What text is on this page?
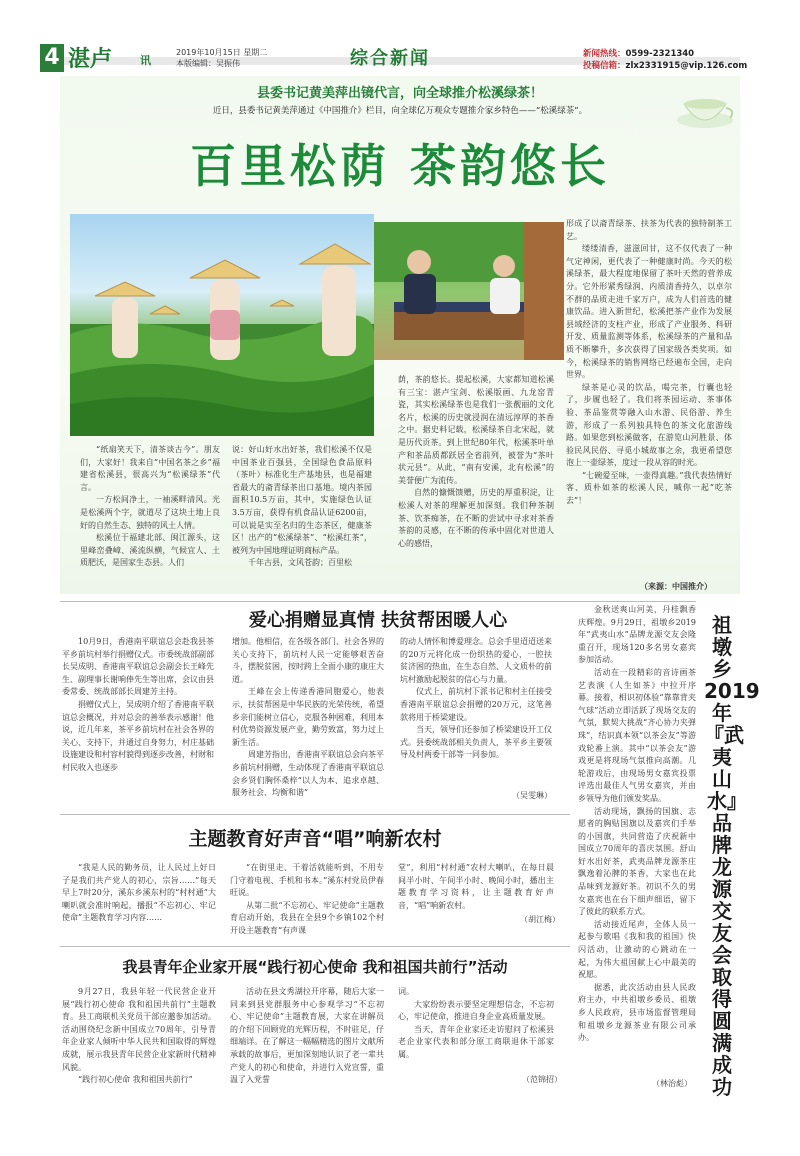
4 湛卢	讯
2019年10月15日 星期二
本版编辑：吴振伟	综合新闻	新闻热线：0599-2321340
投稿信箱：zlx2331915@vip.126.com
县委书记黄美萍出镜代言，向全球推介松溪绿茶！
近日，县委书记黄美萍通过《中国推介》栏目，向全球亿万观众专题推介家乡特色——“松溪绿茶”。
百里松荫 茶韵悠长

“纸扇笑天下，清茶谈古今”。朋友们，大家好！我来自“中国名茶之乡”福建省松溪县，很高兴为“松溪绿茶”代言。

一方松间净土，一袖溪畔清风。光是松溪两个字，就道尽了这块土地上良好的自然生态、独特的风土人情。

松溪位于福建北部、闽江源头，这里峰峦叠嶂、溪流纵横，气候宜人、土质肥沃，是国家生态县。人们

说：好山好水出好茶，我们松溪不仅是中国茶业百强县，全国绿色食品原料（茶叶）标准化生产基地县，也是福建省最大的斋青绿茶出口基地。境内茶园面积10.5万亩，其中，实施绿色认证3.5万亩，获得有机食品认证6200亩，可以说是实至名归的生态茶区，健康茶区！出产的“松溪绿茶”、“松溪红茶”，被列为中国地理证明商标产品。

千年古县，文风苍韵；百里松

荫，茶韵悠长。提起松溪，大家都知道松溪有三宝：湛卢宝剑、松溪版画、九龙窑青瓷，其实松溪绿茶也是我们一张靓丽的文化名片，松溪的历史就浸润在清远淳厚的茶香之中。据史料记载，松溪绿茶自北宋起，就是历代贡茶。到上世纪80年代，松溪茶叶单产和茶品质都跃居全省前列，被誉为“茶叶状元县”。从此，“南有安溪，北有松溪”的美誉便广为流传。

自然的慷慨馈赠，历史的厚重积淀，让松溪人对茶的理解更加深刻。我们种茶制茶、饮茶痴茶，在不断的尝试中寻求对茶香茶韵的灵感，在不断的传承中固化对世道人心的感悟，

形成了以斋青绿茶、扶茶为代表的独特制茶工艺。

缕缕清香，滋滋回甘，这不仅代表了一种气定神闲，更代表了一种健康时尚。今天的松溪绿茶，最大程度地保留了茶叶天然的营养成分。它外形紧秀绿润、内质清香持久，以卓尔不群的品质走进千家万户，成为人们首选的健康饮品。进入新世纪，松溪把茶产业作为发展县域经济的支柱产业，形成了产业服务、科研开发、质量监测等体系，松溪绿茶的产量和品质不断攀升，多次获得了国家级各类奖项。如今，松溪绿茶的销售网络已经遍布全国，走向世界。

绿茶是心灵的饮品，喝完茶，行囊也轻了，步履也轻了。我们将茶园运动、茶事体验、茶品鉴赏等融入山水游、民俗游、养生游，形成了一系列独具特色的茶文化旅游线路。如果您到松溪做客，在游览山河胜景、体验民风民俗、寻觅小城故事之余，我更希望您泡上一壶绿茶，度过一段从容的时光。

“七碗爱至味，一壶得真趣。”我代表热情好客、质朴如茶的松溪人民，喊你一起“吃茶去”！

（来源：中国推介）
爱心捐赠显真情 扶贫帮困暖人心

10月9日，香港南平联谊总会赴我县茶平乡前坑村举行捐赠仪式。市委统战部副部长吴成明、香港南平联谊总会副会长王峰先生、副理事长谢响俸先生等出席，会议由县委常委、统战部部长周建芳主持。

捐赠仪式上，吴成明介绍了香港南平联谊总会概况，并对总会的善举表示感谢！他说，近几年来，茶平乡前坑村在社会各界的关心、支持下，并通过自身努力，村庄基础设施建设和村容村貌得到逐步改善，村财和村民收入也逐步

增加。他相信，在各级各部门、社会各界的关心支持下，前坑村人民一定能够艰苦奋斗，摆脱贫困，按时跨上全面小康的康庄大道。

王峰在会上传递香港同胞爱心，他表示，扶贫帮困是中华民族的光荣传统，希望乡亲们能树立信心，克服各种困难，利用本村优势资源发展产业，勤劳致富，努力过上新生活。

周建芳指出，香港南平联谊总会向茶平乡前坑村捐赠，生动体现了香港南平联谊总会乡贤们胸怀桑梓“以人为本、追求卓越、服务社会、均衡和谐”

的动人情怀和博爱理念。总会手里迢迢送来的20万元将化成一份织热的爱心，一腔扶贫济困的热血，在生态自然、人文质朴的前坑村激励起脱贫的信心与力量。

仪式上，前坑村下派书记和村主任接受香港南平联谊总会捐赠的20万元，这笔善款将用于桥梁建设。

当天，领导们还参加了桥梁建设开工仪式。县委统战部相关负责人，茶平乡主要领导及村两委干部等一同参加。

（吴雯琳）
主题教育好声音“唱”响新农村

“我是人民的勤务员，让人民过上好日子是我们共产党人的初心，宗旨……”每天早上7时20分，溪东乡溪东村的“村村通”大喇叭就会准时响起，播报“不忘初心、牢记使命”主题教育学习内容……

“在街里走、干着活就能听到，不用专门守着电视、手机和书本。”溪东村党员伊春旺说。

从第二批“不忘初心、牢记使命”主题教育启动开始，我县在全县9个乡镇102个村开设主题教育“有声课

堂”，利用“村村通”农村大喇叭，在每日晨间半小时、午间半小时、晚间小时，播出主题教育学习资料，让主题教育好声音，“唱”响新农村。

（胡江梅）
我县青年企业家开展“践行初心使命 我和祖国共前行”活动

9月27日，我县年轻一代民营企业开展“践行初心使命 我和祖国共前行”主题教育。县工商联机关党员干部应邀参加活动。活动围绕纪念新中国成立70周年，引导青年企业家人倾听中华人民共和国取得的辉煌成就，展示我县青年民营企业家新时代精神风貌。

“践行初心使命 我和祖国共前行”

活动在县文秀湖拉开序幕，随后大家一同来到县党群服务中心参观学习“不忘初心、牢记使命”主题教育展，大家在讲解员的介绍下回顾党的光辉历程，不时驻足，仔细端详。在了解这一幅幅精选的图片文献所承载的故事后，更加深刻地认识了老一辈共产党人的初心和使命，并进行入党宣誓，重温了入党誓

词。

大家纷纷表示要坚定理想信念，不忘初心，牢记使命，推进自身企业高质量发展。

当天，青年企业家还走访慰问了松溪县老企业家代表和部分原工商联退休干部家属。

（范锦招）

金秋送爽山河美，丹桂飘香庆辉煌。9月29日，祖墩乡2019年“武夷山水”品牌龙源交友会隆重召开，现场120多名男女嘉宾参加活动。

活动在一段精彩的音诗画茶艺表演《人生如茶》中拉开序幕。接着，相识初体验“靠靠背夹气球”活动立即活跃了现场交友的气氛，默契大挑战“齐心协力夹弹珠”，结识真本领“以茶会友”等游戏轮番上演。其中“以茶会友”游戏更是将现场气氛推向高潮。几轮游戏后，由现场男女嘉宾投票评选出最佳人气男女嘉宾，并由乡领导为他们颁发奖品。

活动现场，飘扬的国旗、志愿者的胸贴国旗以及嘉宾们手举的小国旗，共同营造了庆祝新中国成立70周年的喜庆氛围。舒山好水出好茶，武夷品牌龙源茶庄飘逸着沁脾的茶香，大家也在此品味到龙源好茶。初识不久的男女嘉宾也在台下细声细语，留下了彼此的联系方式。

活动接近尾声，全体人员一起参与歌唱《我和我的祖国》快闪活动，让激动的心跳动在一起，为伟大祖国献上心中最美的祝愿。

据悉，此次活动由县人民政府主办，中共祖墩乡委员、祖墩乡人民政府，县市场监督管理局和祖墩乡龙源茶业有限公司承办。

（林治彪）
祖墩乡2019年『武夷山水』品牌龙源交友会取得圆满成功
